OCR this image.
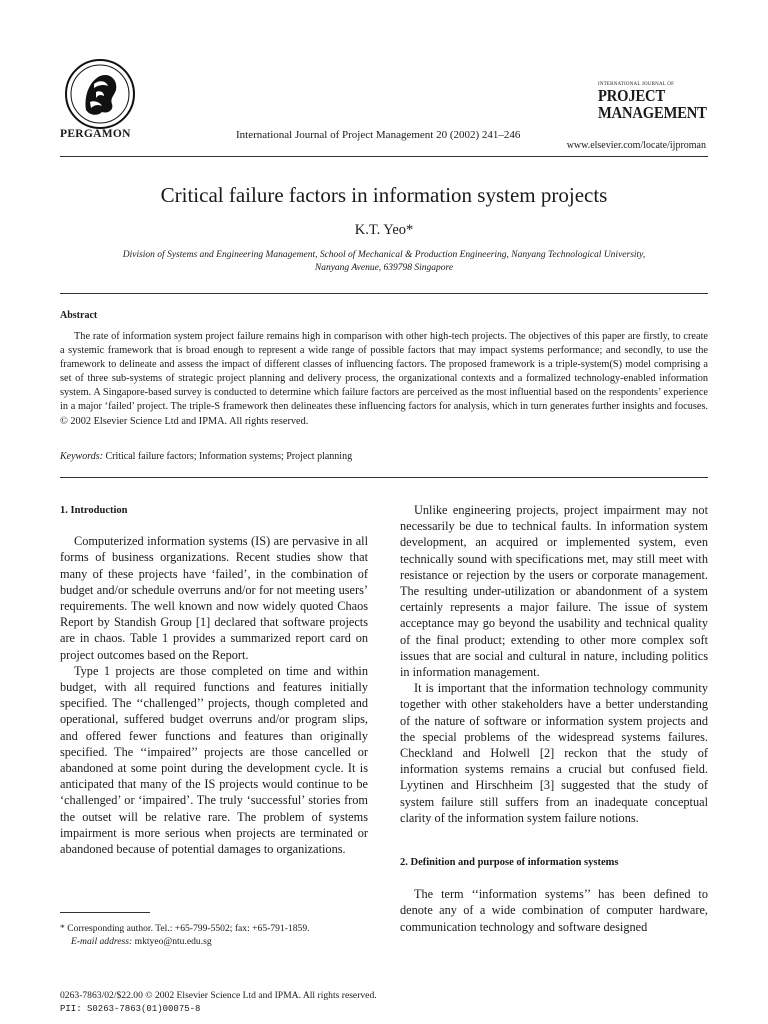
PERGAMON	International Journal of Project Management 20 (2002) 241–246
INTERNATIONAL JOURNAL OF
PROJECT
MANAGEMENT
www.elsevier.com/locate/ijproman
Critical failure factors in information system projects
K.T. Yeo*
Division of Systems and Engineering Management, School of Mechanical & Production Engineering, Nanyang Technological University,
Nanyang Avenue, 639798 Singapore
Abstract
The rate of information system project failure remains high in comparison with other high-tech projects. The objectives of this paper are firstly, to create a systemic framework that is broad enough to represent a wide range of possible factors that may impact systems performance; and secondly, to use the framework to delineate and assess the impact of different classes of influencing factors. The proposed framework is a triple-system(S) model comprising a set of three sub-systems of strategic project planning and delivery process, the organizational contexts and a formalized technology-enabled information system. A Singapore-based survey is conducted to determine which failure factors are perceived as the most influential based on the respondents’ experience in a major ‘failed’ project. The triple-S framework then delineates these influencing factors for analysis, which in turn generates further insights and focuses. © 2002 Elsevier Science Ltd and IPMA. All rights reserved.
Keywords: Critical failure factors; Information systems; Project planning

1. Introduction

Computerized information systems (IS) are pervasive in all forms of business organizations. Recent studies show that many of these projects have ‘failed’, in the combination of budget and/or schedule overruns and/or for not meeting users’ requirements. The well known and now widely quoted Chaos Report by Standish Group [1] declared that software projects are in chaos. Table 1 provides a summarized report card on project outcomes based on the Report.

Type 1 projects are those completed on time and within budget, with all required functions and features initially specified. The ‘‘challenged’’ projects, though completed and operational, suffered budget overruns and/or program slips, and offered fewer functions and features than originally specified. The ‘‘impaired’’ projects are those cancelled or abandoned at some point during the development cycle. It is anticipated that many of the IS projects would continue to be ‘challenged’ or ‘impaired’. The truly ‘successful’ stories from the outset will be relative rare. The problem of systems impairment is more serious when projects are terminated or abandoned because of potential damages to organizations.

Unlike engineering projects, project impairment may not necessarily be due to technical faults. In information system development, an acquired or implemented system, even technically sound with specifications met, may still meet with resistance or rejection by the users or corporate management. The resulting under-utilization or abandonment of a system certainly represents a major failure. The issue of system acceptance may go beyond the usability and technical quality of the final product; extending to other more complex soft issues that are social and cultural in nature, including politics in information management.

It is important that the information technology community together with other stakeholders have a better understanding of the nature of software or information system projects and the special problems of the widespread systems failures. Checkland and Holwell [2] reckon that the study of information systems remains a crucial but confused field. Lyytinen and Hirschheim [3] suggested that the study of system failure still suffers from an inadequate conceptual clarity of the information system failure notions.

2. Definition and purpose of information systems

The term ‘‘information systems’’ has been defined to denote any of a wide combination of computer hardware, communication technology and software designed

* Corresponding author. Tel.: +65-799-5502; fax: +65-791-1859.
E-mail address: mktyeo@ntu.edu.sg
0263-7863/02/$22.00 © 2002 Elsevier Science Ltd and IPMA. All rights reserved.
PII: S0263-7863(01)00075-8
